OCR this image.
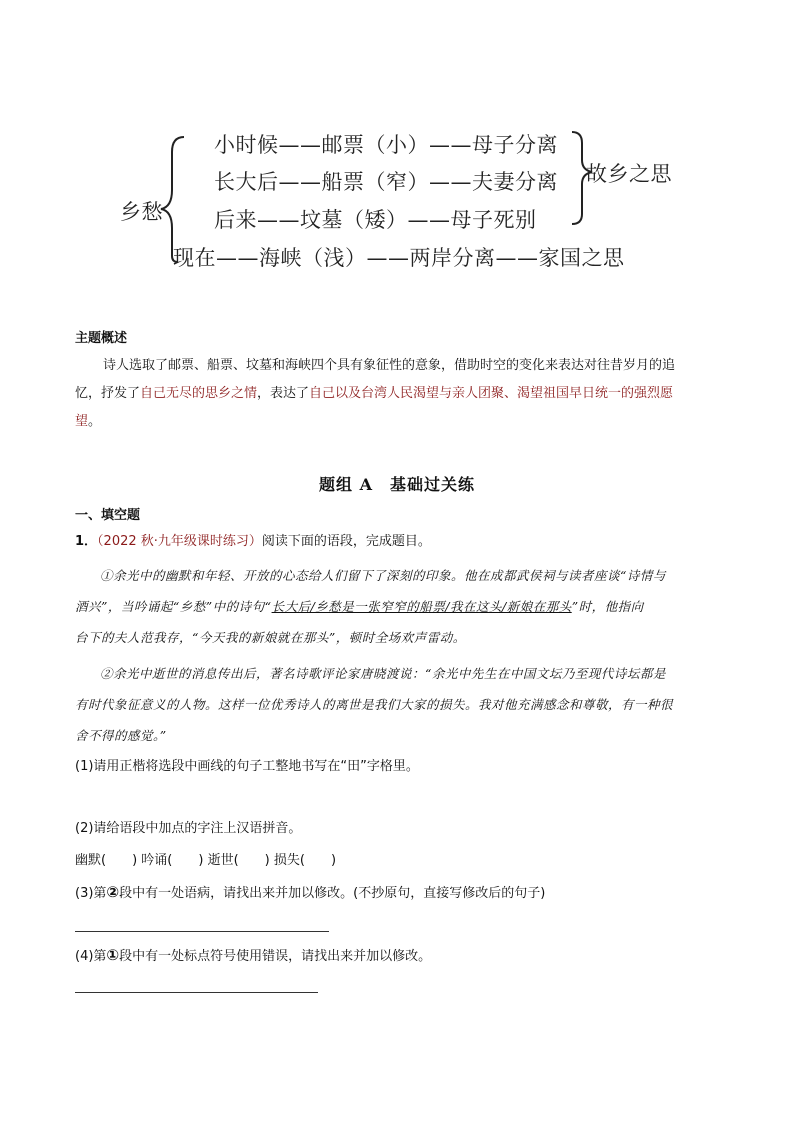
乡愁
小时候——邮票（小）——母子分离
长大后——船票（窄）——夫妻分离
后来——坟墓（矮）——母子死别
故乡之思
现在——海峡（浅）——两岸分离——家国之思
主题概述
诗人选取了邮票、船票、坟墓和海峡四个具有象征性的意象，借助时空的变化来表达对往昔岁月的追
忆，抒发了自己无尽的思乡之情，表达了自己以及台湾人民渴望与亲人团聚、渴望祖国早日统一的强烈愿
望。
题组 A　基础过关练
一、填空题
1．（2022 秋·九年级课时练习）阅读下面的语段，完成题目。
①余光中的幽默和年轻、开放的心态给人们留下了深刻的印象。他在成都武侯祠与读者座谈“诗情与
酒兴”，当吟诵起“乡愁”中的诗句“长大后/乡愁是一张窄窄的船票/我在这头/新娘在那头”时，他指向
台下的夫人范我存，“今天我的新娘就在那头”，顿时全场欢声雷动。
②余光中逝世的消息传出后，著名诗歌评论家唐晓渡说：“余光中先生在中国文坛乃至现代诗坛都是
有时代象征意义的人物。这样一位优秀诗人的离世是我们大家的损失。我对他充满感念和尊敬，有一种很
舍不得的感觉。”
(1)请用正楷将选段中画线的句子工整地书写在“田”字格里。
(2)请给语段中加点的字注上汉语拼音。
幽默(　　) 吟诵(　　) 逝世(　　) 损失(　　)
(3)第②段中有一处语病，请找出来并加以修改。(不抄原句，直接写修改后的句子)
(4)第①段中有一处标点符号使用错误，请找出来并加以修改。
